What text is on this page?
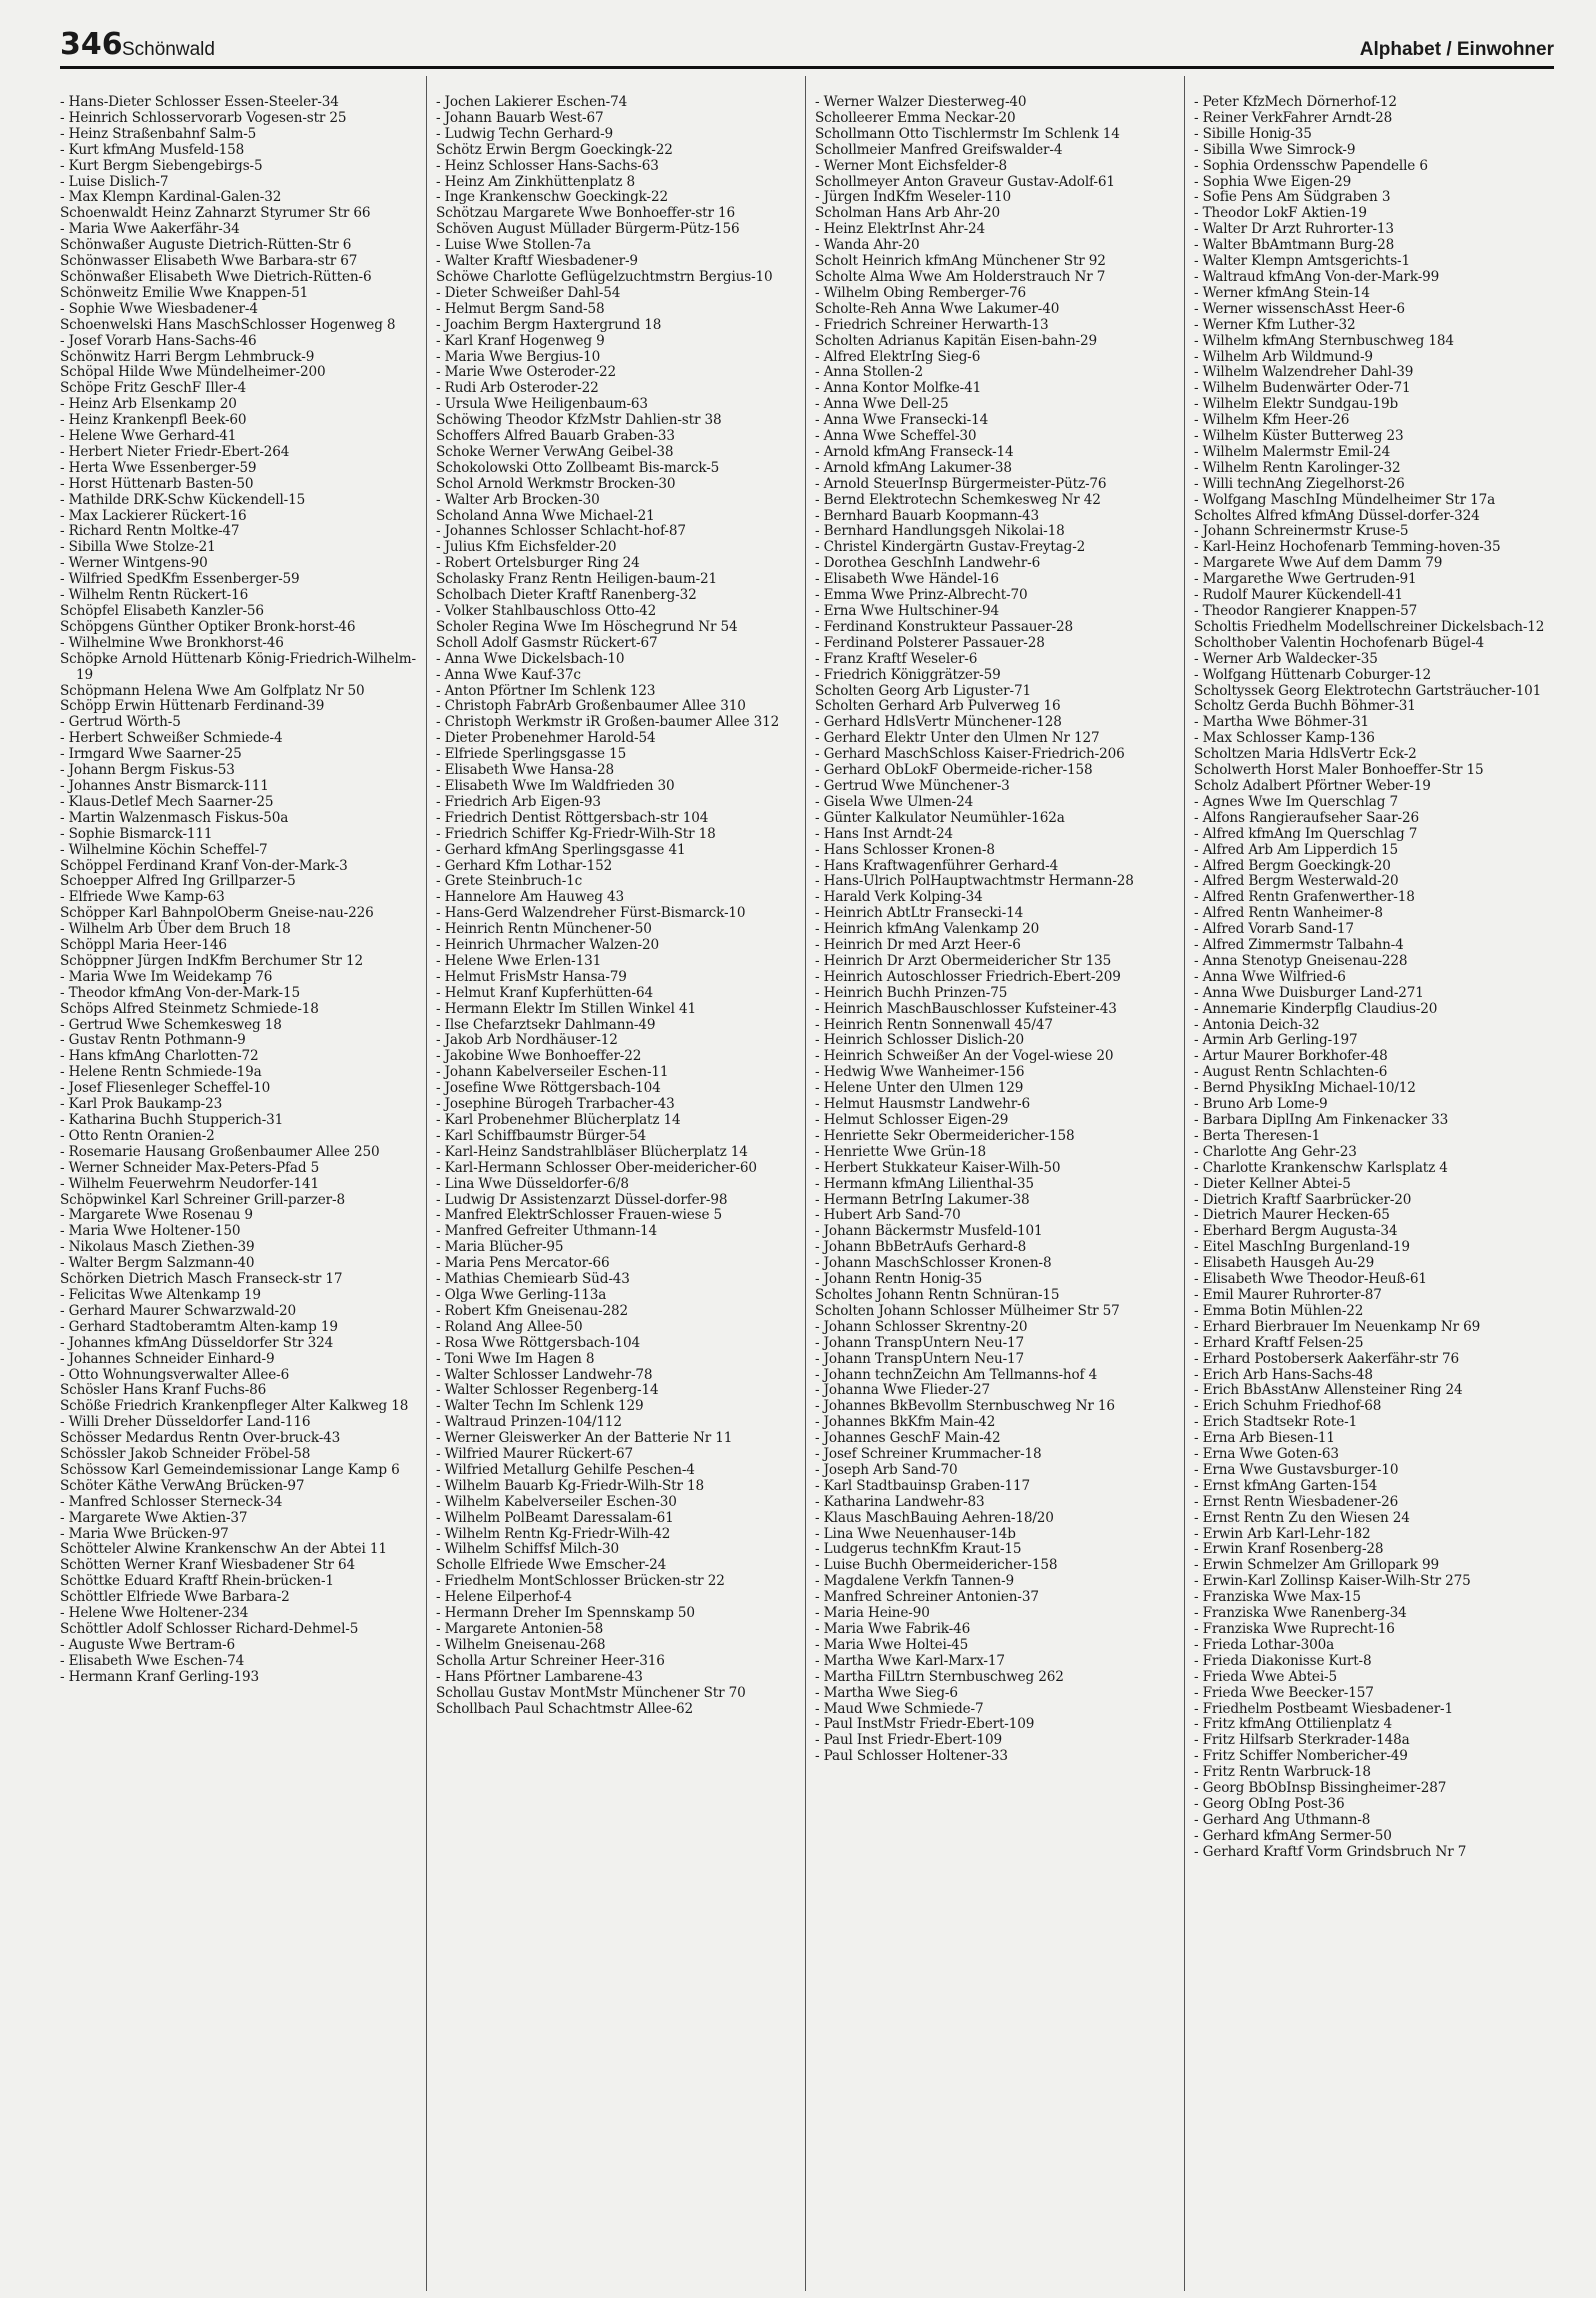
346 Schönwald	Alphabet / Einwohner
- Hans-Dieter Schlosser Essen-Steeler-34
- Heinrich Schlosservorarb Vogesen-str 25
- Heinz Straßenbahnf Salm-5
- Kurt kfmAng Musfeld-158
- Kurt Bergm Siebengebirgs-5
- Luise Dislich-7
- Max Klempn Kardinal-Galen-32
Schoenwaldt Heinz Zahnarzt Styrumer Str 66
- Maria Wwe Aakerfähr-34
Schönwaßer Auguste Dietrich-Rütten-Str 6
Schönwasser Elisabeth Wwe Barbara-str 67
Schönwaßer Elisabeth Wwe Dietrich-Rütten-6
Schönweitz Emilie Wwe Knappen-51
- Sophie Wwe Wiesbadener-4
Schoenwelski Hans MaschSchlosser Hogenweg 8
- Josef Vorarb Hans-Sachs-46
Schönwitz Harri Bergm Lehmbruck-9
Schöpal Hilde Wwe Mündelheimer-200
Schöpe Fritz GeschF Iller-4
- Heinz Arb Elsenkamp 20
- Heinz Krankenpfl Beek-60
- Helene Wwe Gerhard-41
- Herbert Nieter Friedr-Ebert-264
- Herta Wwe Essenberger-59
- Horst Hüttenarb Basten-50
- Mathilde DRK-Schw Kückendell-15
- Max Lackierer Rückert-16
- Richard Rentn Moltke-47
- Sibilla Wwe Stolze-21
- Werner Wintgens-90
- Wilfried SpedKfm Essenberger-59
- Wilhelm Rentn Rückert-16
Schöpfel Elisabeth Kanzler-56
Schöpgens Günther Optiker Bronk-horst-46
- Wilhelmine Wwe Bronkhorst-46
Schöpke Arnold Hüttenarb König-Friedrich-Wilhelm-19
Schöpmann Helena Wwe Am Golfplatz Nr 50
Schöpp Erwin Hüttenarb Ferdinand-39
- Gertrud Wörth-5
- Herbert Schweißer Schmiede-4
- Irmgard Wwe Saarner-25
- Johann Bergm Fiskus-53
- Johannes Anstr Bismarck-111
- Klaus-Detlef Mech Saarner-25
- Martin Walzenmasch Fiskus-50a
- Sophie Bismarck-111
- Wilhelmine Köchin Scheffel-7
Schöppel Ferdinand Kranf Von-der-Mark-3
Schoepper Alfred Ing Grillparzer-5
- Elfriede Wwe Kamp-63
Schöpper Karl BahnpolOberm Gneise-nau-226
- Wilhelm Arb Über dem Bruch 18
Schöppl Maria Heer-146
Schöppner Jürgen IndKfm Berchumer Str 12
- Maria Wwe Im Weidekamp 76
- Theodor kfmAng Von-der-Mark-15
Schöps Alfred Steinmetz Schmiede-18
- Gertrud Wwe Schemkesweg 18
- Gustav Rentn Pothmann-9
- Hans kfmAng Charlotten-72
- Helene Rentn Schmiede-19a
- Josef Fliesenleger Scheffel-10
- Karl Prok Baukamp-23
- Katharina Buchh Stupperich-31
- Otto Rentn Oranien-2
- Rosemarie Hausang Großenbaumer Allee 250
- Werner Schneider Max-Peters-Pfad 5
- Wilhelm Feuerwehrm Neudorfer-141
Schöpwinkel Karl Schreiner Grill-parzer-8
- Margarete Wwe Rosenau 9
- Maria Wwe Holtener-150
- Nikolaus Masch Ziethen-39
- Walter Bergm Salzmann-40
Schörken Dietrich Masch Franseck-str 17
- Felicitas Wwe Altenkamp 19
- Gerhard Maurer Schwarzwald-20
- Gerhard Stadtoberamtm Alten-kamp 19
- Johannes kfmAng Düsseldorfer Str 324
- Johannes Schneider Einhard-9
- Otto Wohnungsverwalter Allee-6
Schösler Hans Kranf Fuchs-86
Schöße Friedrich Krankenpfleger Alter Kalkweg 18
- Willi Dreher Düsseldorfer Land-116
Schösser Medardus Rentn Over-bruck-43
Schössler Jakob Schneider Fröbel-58
Schössow Karl Gemeindemissionar Lange Kamp 6
Schöter Käthe VerwAng Brücken-97
- Manfred Schlosser Sterneck-34
- Margarete Wwe Aktien-37
- Maria Wwe Brücken-97
Schötteler Alwine Krankenschw An der Abtei 11
Schötten Werner Kranf Wiesbadener Str 64
Schöttke Eduard Kraftf Rhein-brücken-1
Schöttler Elfriede Wwe Barbara-2
- Helene Wwe Holtener-234
Schöttler Adolf Schlosser Richard-Dehmel-5
- Auguste Wwe Bertram-6
- Elisabeth Wwe Eschen-74
- Hermann Kranf Gerling-193
- Jochen Lakierer Eschen-74
- Johann Bauarb West-67
- Ludwig Techn Gerhard-9
Schötz Erwin Bergm Goeckingk-22
- Heinz Schlosser Hans-Sachs-63
- Heinz Am Zinkhüttenplatz 8
- Inge Krankenschw Goeckingk-22
Schötzau Margarete Wwe Bonhoeffer-str 16
Schöven August Müllader Bürgerm-Pütz-156
- Luise Wwe Stollen-7a
- Walter Kraftf Wiesbadener-9
Schöwe Charlotte Geflügelzuchtmstrn Bergius-10
- Dieter Schweißer Dahl-54
- Helmut Bergm Sand-58
- Joachim Bergm Haxtergrund 18
- Karl Kranf Hogenweg 9
- Maria Wwe Bergius-10
- Marie Wwe Osteroder-22
- Rudi Arb Osteroder-22
- Ursula Wwe Heiligenbaum-63
Schöwing Theodor KfzMstr Dahlien-str 38
Schoffers Alfred Bauarb Graben-33
Schoke Werner VerwAng Geibel-38
Schokolowski Otto Zollbeamt Bis-marck-5
Schol Arnold Werkmstr Brocken-30
- Walter Arb Brocken-30
Scholand Anna Wwe Michael-21
- Johannes Schlosser Schlacht-hof-87
- Julius Kfm Eichsfelder-20
- Robert Ortelsburger Ring 24
Scholasky Franz Rentn Heiligen-baum-21
Scholbach Dieter Kraftf Ranenberg-32
- Volker Stahlbauschloss Otto-42
Scholer Regina Wwe Im Höschegrund Nr 54
Scholl Adolf Gasmstr Rückert-67
- Anna Wwe Dickelsbach-10
- Anna Wwe Kauf-37c
- Anton Pförtner Im Schlenk 123
- Christoph FabrArb Großenbaumer Allee 310
- Christoph Werkmstr iR Großen-baumer Allee 312
- Dieter Probenehmer Harold-54
- Elfriede Sperlingsgasse 15
- Elisabeth Wwe Hansa-28
- Elisabeth Wwe Im Waldfrieden 30
- Friedrich Arb Eigen-93
- Friedrich Dentist Röttgersbach-str 104
- Friedrich Schiffer Kg-Friedr-Wilh-Str 18
- Gerhard kfmAng Sperlingsgasse 41
- Gerhard Kfm Lothar-152
- Grete Steinbruch-1c
- Hannelore Am Hauweg 43
- Hans-Gerd Walzendreher Fürst-Bismarck-10
- Heinrich Rentn Münchener-50
- Heinrich Uhrmacher Walzen-20
- Helene Wwe Erlen-131
- Helmut FrisMstr Hansa-79
- Helmut Kranf Kupferhütten-64
- Hermann Elektr Im Stillen Winkel 41
- Ilse Chefarztsekr Dahlmann-49
- Jakob Arb Nordhäuser-12
- Jakobine Wwe Bonhoeffer-22
- Johann Kabelverseiler Eschen-11
- Josefine Wwe Röttgersbach-104
- Josephine Bürogeh Trarbacher-43
- Karl Probenehmer Blücherplatz 14
- Karl Schiffbaumstr Bürger-54
- Karl-Heinz Sandstrahlbläser Blücherplatz 14
- Karl-Hermann Schlosser Ober-meidericher-60
- Lina Wwe Düsseldorfer-6/8
- Ludwig Dr Assistenzarzt Düssel-dorfer-98
- Manfred ElektrSchlosser Frauen-wiese 5
- Manfred Gefreiter Uthmann-14
- Maria Blücher-95
- Maria Pens Mercator-66
- Mathias Chemiearb Süd-43
- Olga Wwe Gerling-113a
- Robert Kfm Gneisenau-282
- Roland Ang Allee-50
- Rosa Wwe Röttgersbach-104
- Toni Wwe Im Hagen 8
- Walter Schlosser Landwehr-78
- Walter Schlosser Regenberg-14
- Walter Techn Im Schlenk 129
- Waltraud Prinzen-104/112
- Werner Gleiswerker An der Batterie Nr 11
- Wilfried Maurer Rückert-67
- Wilfried Metallurg Gehilfe Peschen-4
- Wilhelm Bauarb Kg-Friedr-Wilh-Str 18
- Wilhelm Kabelverseiler Eschen-30
- Wilhelm PolBeamt Daressalam-61
- Wilhelm Rentn Kg-Friedr-Wilh-42
- Wilhelm Schiffsf Milch-30
Scholle Elfriede Wwe Emscher-24
- Friedhelm MontSchlosser Brücken-str 22
- Helene Eilperhof-4
- Hermann Dreher Im Spennskamp 50
- Margarete Antonien-58
- Wilhelm Gneisenau-268
Scholla Artur Schreiner Heer-316
- Hans Pförtner Lambarene-43
Schollau Gustav MontMstr Münchener Str 70
Schollbach Paul Schachtmstr Allee-62
- Werner Walzer Diesterweg-40
Scholleerer Emma Neckar-20
Schollmann Otto Tischlermstr Im Schlenk 14
Schollmeier Manfred Greifswalder-4
- Werner Mont Eichsfelder-8
Schollmeyer Anton Graveur Gustav-Adolf-61
- Jürgen IndKfm Weseler-110
Scholman Hans Arb Ahr-20
- Heinz ElektrInst Ahr-24
- Wanda Ahr-20
Scholt Heinrich kfmAng Münchener Str 92
Scholte Alma Wwe Am Holderstrauch Nr 7
- Wilhelm Obing Remberger-76
Scholte-Reh Anna Wwe Lakumer-40
- Friedrich Schreiner Herwarth-13
Scholten Adrianus Kapitän Eisen-bahn-29
- Alfred ElektrIng Sieg-6
- Anna Stollen-2
- Anna Kontor Molfke-41
- Anna Wwe Dell-25
- Anna Wwe Fransecki-14
- Anna Wwe Scheffel-30
- Arnold kfmAng Franseck-14
- Arnold kfmAng Lakumer-38
- Arnold SteuerInsp Bürgermeister-Pütz-76
- Bernd Elektrotechn Schemkesweg Nr 42
- Bernhard Bauarb Koopmann-43
- Bernhard Handlungsgeh Nikolai-18
- Christel Kindergärtn Gustav-Freytag-2
- Dorothea GeschInh Landwehr-6
- Elisabeth Wwe Händel-16
- Emma Wwe Prinz-Albrecht-70
- Erna Wwe Hultschiner-94
- Ferdinand Konstrukteur Passauer-28
- Ferdinand Polsterer Passauer-28
- Franz Kraftf Weseler-6
- Friedrich Königgrätzer-59
Scholten Georg Arb Liguster-71
Scholten Gerhard Arb Pulverweg 16
- Gerhard HdlsVertr Münchener-128
- Gerhard Elektr Unter den Ulmen Nr 127
- Gerhard MaschSchloss Kaiser-Friedrich-206
- Gerhard ObLokF Obermeide-richer-158
- Gertrud Wwe Münchener-3
- Gisela Wwe Ulmen-24
- Günter Kalkulator Neumühler-162a
- Hans Inst Arndt-24
- Hans Schlosser Kronen-8
- Hans Kraftwagenführer Gerhard-4
- Hans-Ulrich PolHauptwachtmstr Hermann-28
- Harald Verk Kolping-34
- Heinrich AbtLtr Fransecki-14
- Heinrich kfmAng Valenkamp 20
- Heinrich Dr med Arzt Heer-6
- Heinrich Dr Arzt Obermeidericher Str 135
- Heinrich Autoschlosser Friedrich-Ebert-209
- Heinrich Buchh Prinzen-75
- Heinrich MaschBauschlosser Kufsteiner-43
- Heinrich Rentn Sonnenwall 45/47
- Heinrich Schlosser Dislich-20
- Heinrich Schweißer An der Vogel-wiese 20
- Hedwig Wwe Wanheimer-156
- Helene Unter den Ulmen 129
- Helmut Hausmstr Landwehr-6
- Helmut Schlosser Eigen-29
- Henriette Sekr Obermeidericher-158
- Henriette Wwe Grün-18
- Herbert Stukkateur Kaiser-Wilh-50
- Hermann kfmAng Lilienthal-35
- Hermann BetrIng Lakumer-38
- Hubert Arb Sand-70
- Johann Bäckermstr Musfeld-101
- Johann BbBetrAufs Gerhard-8
- Johann MaschSchlosser Kronen-8
- Johann Rentn Honig-35
Scholtes Johann Rentn Schnüran-15
Scholten Johann Schlosser Mülheimer Str 57
- Johann Schlosser Skrentny-20
- Johann TranspUntern Neu-17
- Johann TranspUntern Neu-17
- Johann technZeichn Am Tellmanns-hof 4
- Johanna Wwe Flieder-27
- Johannes BkBevollm Sternbuschweg Nr 16
- Johannes BkKfm Main-42
- Johannes GeschF Main-42
- Josef Schreiner Krummacher-18
- Joseph Arb Sand-70
- Karl Stadtbauinsp Graben-117
- Katharina Landwehr-83
- Klaus MaschBauing Aehren-18/20
- Lina Wwe Neuenhauser-14b
- Ludgerus technKfm Kraut-15
- Luise Buchh Obermeidericher-158
- Magdalene Verkfn Tannen-9
- Manfred Schreiner Antonien-37
- Maria Heine-90
- Maria Wwe Fabrik-46
- Maria Wwe Holtei-45
- Martha Wwe Karl-Marx-17
- Martha FilLtrn Sternbuschweg 262
- Martha Wwe Sieg-6
- Maud Wwe Schmiede-7
- Paul InstMstr Friedr-Ebert-109
- Paul Inst Friedr-Ebert-109
- Paul Schlosser Holtener-33
- Peter KfzMech Dörnerhof-12
- Reiner VerkFahrer Arndt-28
- Sibille Honig-35
- Sibilla Wwe Simrock-9
- Sophia Ordensschw Papendelle 6
- Sophia Wwe Eigen-29
- Sofie Pens Am Südgraben 3
- Theodor LokF Aktien-19
- Walter Dr Arzt Ruhrorter-13
- Walter BbAmtmann Burg-28
- Walter Klempn Amtsgerichts-1
- Waltraud kfmAng Von-der-Mark-99
- Werner kfmAng Stein-14
- Werner wissenschAsst Heer-6
- Werner Kfm Luther-32
- Wilhelm kfmAng Sternbuschweg 184
- Wilhelm Arb Wildmund-9
- Wilhelm Walzendreher Dahl-39
- Wilhelm Budenwärter Oder-71
- Wilhelm Elektr Sundgau-19b
- Wilhelm Kfm Heer-26
- Wilhelm Küster Butterweg 23
- Wilhelm Malermstr Emil-24
- Wilhelm Rentn Karolinger-32
- Willi technAng Ziegelhorst-26
- Wolfgang MaschIng Mündelheimer Str 17a
Scholtes Alfred kfmAng Düssel-dorfer-324
- Johann Schreinermstr Kruse-5
- Karl-Heinz Hochofenarb Temming-hoven-35
- Margarete Wwe Auf dem Damm 79
- Margarethe Wwe Gertruden-91
- Rudolf Maurer Kückendell-41
- Theodor Rangierer Knappen-57
Scholtis Friedhelm Modellschreiner Dickelsbach-12
Scholthober Valentin Hochofenarb Bügel-4
- Werner Arb Waldecker-35
- Wolfgang Hüttenarb Coburger-12
Scholtyssek Georg Elektrotechn Gartsträucher-101
Scholtz Gerda Buchh Böhmer-31
- Martha Wwe Böhmer-31
- Max Schlosser Kamp-136
Scholtzen Maria HdlsVertr Eck-2
Scholwerth Horst Maler Bonhoeffer-Str 15
Scholz Adalbert Pförtner Weber-19
- Agnes Wwe Im Querschlag 7
- Alfons Rangieraufseher Saar-26
- Alfred kfmAng Im Querschlag 7
- Alfred Arb Am Lipperdich 15
- Alfred Bergm Goeckingk-20
- Alfred Bergm Westerwald-20
- Alfred Rentn Grafenwerther-18
- Alfred Rentn Wanheimer-8
- Alfred Vorarb Sand-17
- Alfred Zimmermstr Talbahn-4
- Anna Stenotyp Gneisenau-228
- Anna Wwe Wilfried-6
- Anna Wwe Duisburger Land-271
- Annemarie Kinderpflg Claudius-20
- Antonia Deich-32
- Armin Arb Gerling-197
- Artur Maurer Borkhofer-48
- August Rentn Schlachten-6
- Bernd PhysikIng Michael-10/12
- Bruno Arb Lome-9
- Barbara DiplIng Am Finkenacker 33
- Berta Theresen-1
- Charlotte Ang Gehr-23
- Charlotte Krankenschw Karlsplatz 4
- Dieter Kellner Abtei-5
- Dietrich Kraftf Saarbrücker-20
- Dietrich Maurer Hecken-65
- Eberhard Bergm Augusta-34
- Eitel MaschIng Burgenland-19
- Elisabeth Hausgeh Au-29
- Elisabeth Wwe Theodor-Heuß-61
- Emil Maurer Ruhrorter-87
- Emma Botin Mühlen-22
- Erhard Bierbrauer Im Neuenkamp Nr 69
- Erhard Kraftf Felsen-25
- Erhard Postoberserk Aakerfähr-str 76
- Erich Arb Hans-Sachs-48
- Erich BbAsstAnw Allensteiner Ring 24
- Erich Schuhm Friedhof-68
- Erich Stadtsekr Rote-1
- Erna Arb Biesen-11
- Erna Wwe Goten-63
- Erna Wwe Gustavsburger-10
- Ernst kfmAng Garten-154
- Ernst Rentn Wiesbadener-26
- Ernst Rentn Zu den Wiesen 24
- Erwin Arb Karl-Lehr-182
- Erwin Kranf Rosenberg-28
- Erwin Schmelzer Am Grillopark 99
- Erwin-Karl Zollinsp Kaiser-Wilh-Str 275
- Franziska Wwe Max-15
- Franziska Wwe Ranenberg-34
- Franziska Wwe Ruprecht-16
- Frieda Lothar-300a
- Frieda Diakonisse Kurt-8
- Frieda Wwe Abtei-5
- Frieda Wwe Beecker-157
- Friedhelm Postbeamt Wiesbadener-1
- Fritz kfmAng Ottilienplatz 4
- Fritz Hilfsarb Sterkrader-148a
- Fritz Schiffer Nombericher-49
- Fritz Rentn Warbruck-18
- Georg BbObInsp Bissingheimer-287
- Georg ObIng Post-36
- Gerhard Ang Uthmann-8
- Gerhard kfmAng Sermer-50
- Gerhard Kraftf Vorm Grindsbruch Nr 7
